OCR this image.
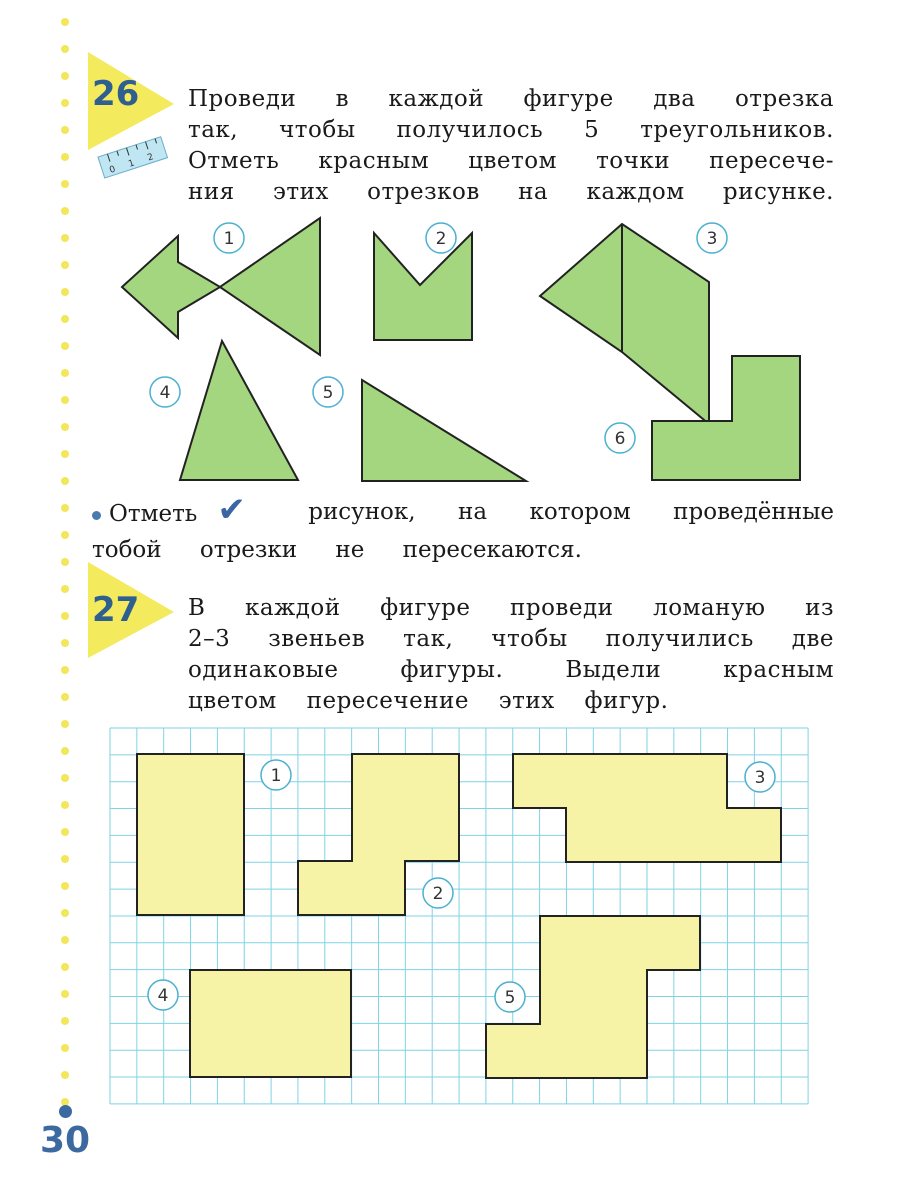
26
0
1
2
Проведи в каждой фигуре два отрезка
так, чтобы получилось 5 треугольников.
Отметь красным цветом точки пересече-
ния этих отрезков на каждом рисунке.
1	2	3
4	5
6
Отметь ✔	рисунок, на котором проведённые
тобой отрезки не пересекаются.
27 В каждой фигуре проведи ломаную из
2–3 звеньев так, чтобы получились две
одинаковые фигуры. Выдели красным
цветом пересечение этих фигур.
1
2
3
4	5
30
